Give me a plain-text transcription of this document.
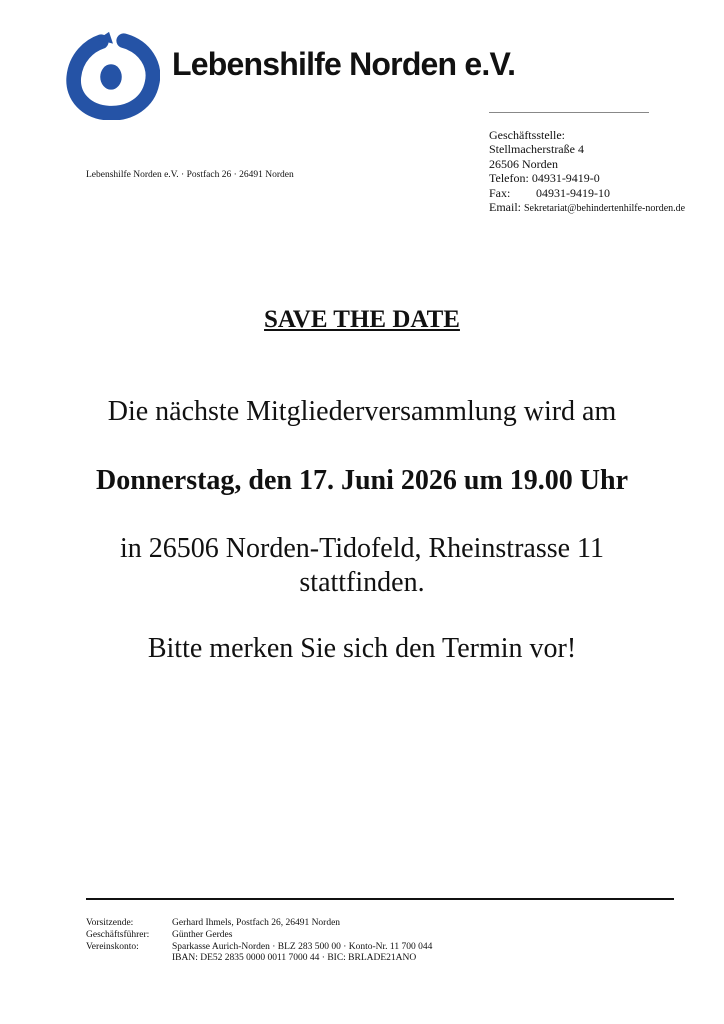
Lebenshilfe Norden e.V.
Lebenshilfe Norden e.V. · Postfach 26 · 26491 Norden
Geschäftsstelle:
Stellmacherstraße 4
26506 Norden
Telefon: 04931-9419-0
Fax: 04931-9419-10
Email: Sekretariat@behindertenhilfe-norden.de
SAVE THE DATE
Die nächste Mitgliederversammlung wird am
Donnerstag, den 17. Juni 2026 um 19.00 Uhr
in 26506 Norden-Tidofeld, Rheinstrasse 11
stattfinden.
Bitte merken Sie sich den Termin vor!
Vorsitzende:	Gerhard Ihmels, Postfach 26, 26491 Norden
Geschäftsführer:	Günther Gerdes
Vereinskonto:	Sparkasse Aurich-Norden · BLZ 283 500 00 · Konto-Nr. 11 700 044
IBAN: DE52 2835 0000 0011 7000 44 · BIC: BRLADE21ANO
